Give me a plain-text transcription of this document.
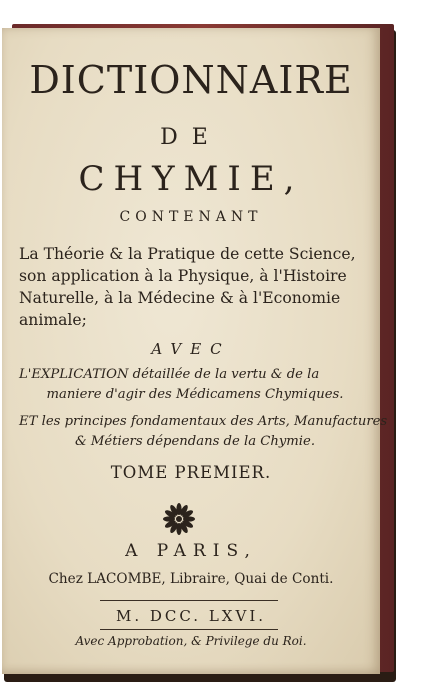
DICTIONNAIRE
DE
CHYMIE,
CONTENANT
La Théorie & la Pratique de cette Science,
son application à la Physique, à l'Histoire
Naturelle, à la Médecine & à l'Economie
animale;
AVEC
L'EXPLICATION détaillée de la vertu & de la
maniere d'agir des Médicamens Chymiques.
ET les principes fondamentaux des Arts, Manufactures
& Métiers dépendans de la Chymie.
TOME PREMIER.
A PARIS,
Chez LACOMBE, Libraire, Quai de Conti.
M. DCC. LXVI.
Avec Approbation, & Privilege du Roi.
